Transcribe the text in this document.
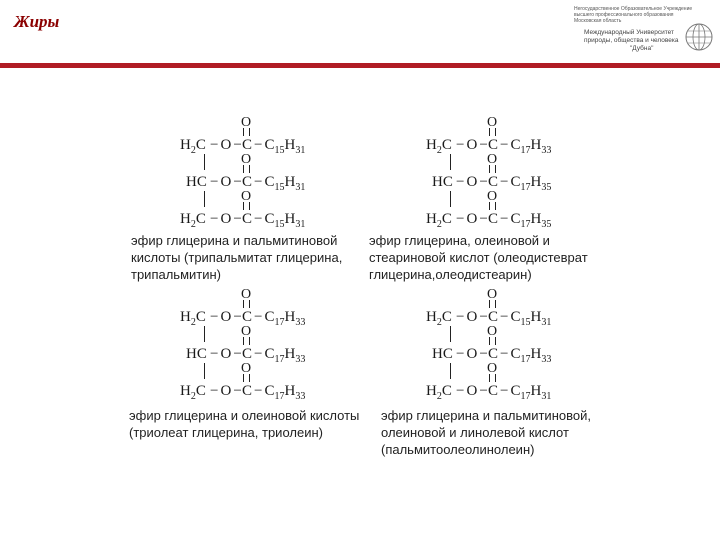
Жиры
Негосударственное Образовательное Учреждение
высшего профессионального образования
Московская область
Международный Университет
природы, общества и человека
"Дубна"
$H_2C - O - C - C_{15}H_{31}$
O
HC − $O - C - C_{15}H_{31}$
O
$H_2C - O - C - C_{15}H_{31}$
O
эфир глицерина и пальмитиновой
кислоты (трипальмитат глицерина,
трипальмитин)
$H_2C - O - C - C_{17}H_{33}$
O
HC − $O - C - C_{17}H_{35}$
O
$H_2C - O - C - C_{17}H_{35}$
O
эфир глицерина, олеиновой и
стеариновой кислот (олеодистеврат
глицерина,олеодистеарин)
$H_2C - O - C - C_{17}H_{33}$
O
HC − $O - C - C_{17}H_{33}$
O
$H_2C - O - C - C_{17}H_{33}$
O
эфир глицерина и олеиновой кислоты
(триолеат глицерина, триолеин)
$H_2C - O - C - C_{15}H_{31}$
O
HC − $O - C - C_{17}H_{33}$
O
$H_2C - O - C - C_{17}H_{31}$
O
эфир глицерина и пальмитиновой,
олеиновой и линолевой кислот
(пальмитоолеолинолеин)
